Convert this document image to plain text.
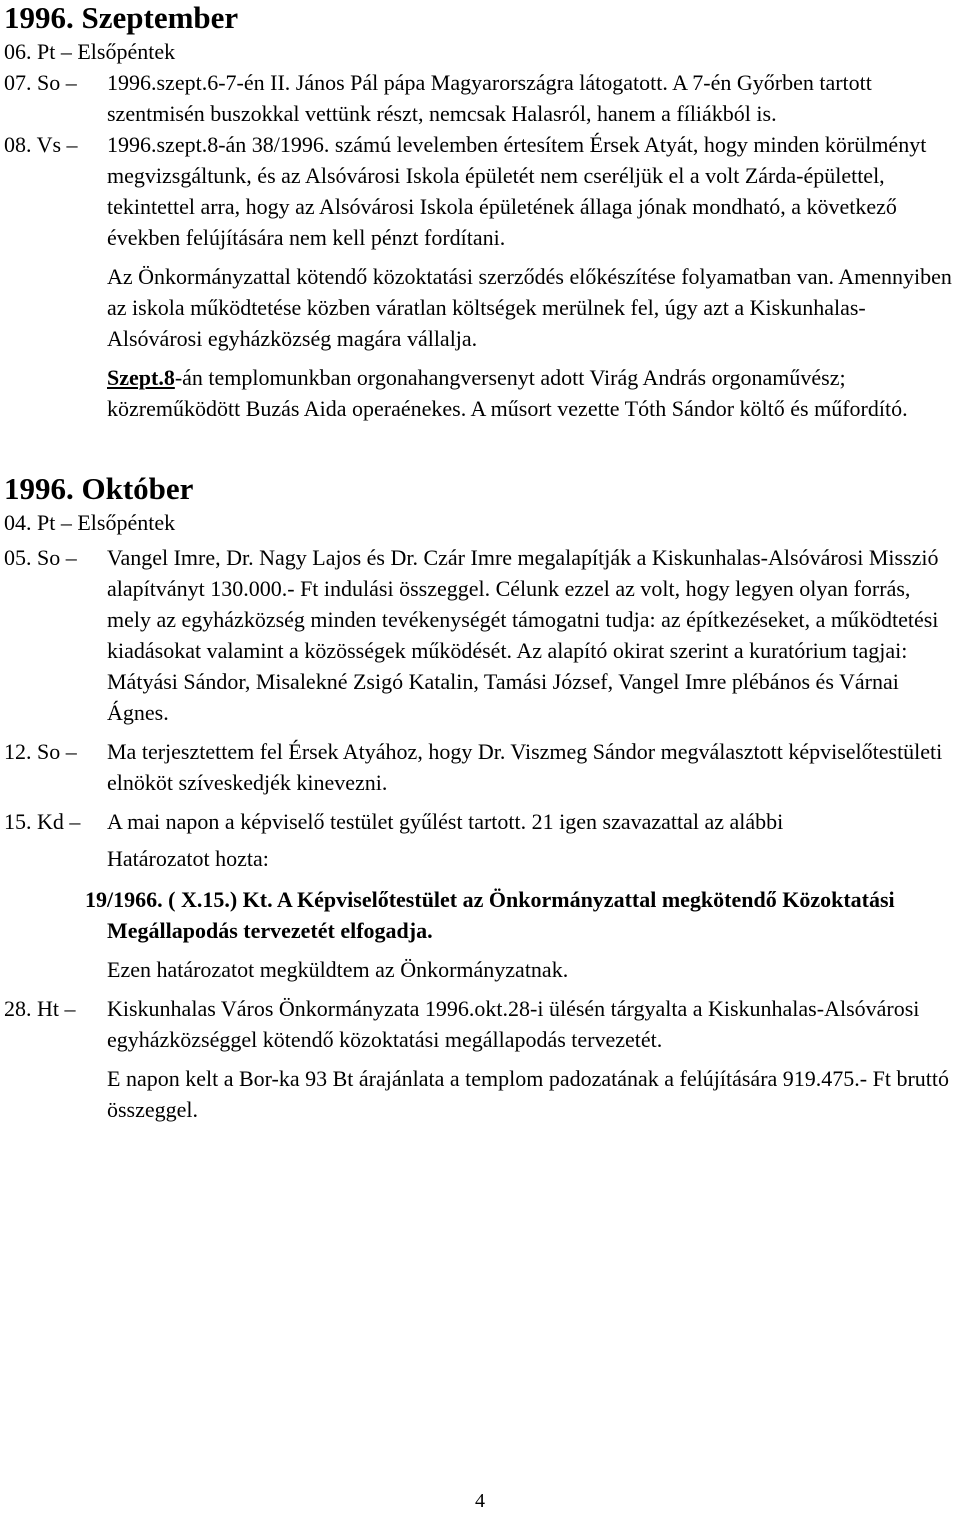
1996. Szeptember
06. Pt – Elsőpéntek
07. So – 1996.szept.6-7-én II. János Pál pápa Magyarországra látogatott. A 7-én Győrben tartott szentmisén buszokkal vettünk részt, nemcsak Halasról, hanem a fíliákból is.
08. Vs – 1996.szept.8-án 38/1996. számú levelemben értesítem Érsek Atyát, hogy minden körülményt megvizsgáltunk, és az Alsóvárosi Iskola épületét nem cseréljük el a volt Zárda-épülettel, tekintettel arra, hogy az Alsóvárosi Iskola épületének állaga jónak mondható, a következő években felújítására nem kell pénzt fordítani.
Az Önkormányzattal kötendő közoktatási szerződés előkészítése folyamatban van. Amennyiben az iskola működtetése közben váratlan költségek merülnek fel, úgy azt a Kiskunhalas-Alsóvárosi egyházközség magára vállalja.
Szept.8-án templomunkban orgonahangversenyt adott Virág András orgonaművész; közreműködött Buzás Aida operaénekes. A műsort vezette Tóth Sándor költő és műfordító.
1996. Október
04. Pt – Elsőpéntek
05. So – Vangel Imre, Dr. Nagy Lajos és Dr. Czár Imre megalapítják a Kiskunhalas-Alsóvárosi Misszió alapítványt 130.000.- Ft indulási összeggel. Célunk ezzel az volt, hogy legyen olyan forrás, mely az egyházközség minden tevékenységét támogatni tudja: az építkezéseket, a működtetési kiadásokat valamint a közösségek működését. Az alapító okirat szerint a kuratórium tagjai: Mátyási Sándor, Misalekné Zsigó Katalin, Tamási József, Vangel Imre plébános és Várnai Ágnes.
12. So – Ma terjesztettem fel Érsek Atyához, hogy Dr. Viszmeg Sándor megválasztott képviselőtestületi elnököt szíveskedjék kinevezni.
15. Kd – A mai napon a képviselő testület gyűlést tartott. 21 igen szavazattal az alábbi
Határozatot hozta:
19/1966. ( X.15.) Kt. A Képviselőtestület az Önkormányzattal megkötendő Közoktatási Megállapodás tervezetét elfogadja.
Ezen határozatot megküldtem az Önkormányzatnak.
28. Ht – Kiskunhalas Város Önkormányzata 1996.okt.28-i ülésén tárgyalta a Kiskunhalas-Alsóvárosi egyházközséggel kötendő közoktatási megállapodás tervezetét.
E napon kelt a Bor-ka 93 Bt árajánlata a templom padozatának a felújítására 919.475.- Ft bruttó összeggel.
4
